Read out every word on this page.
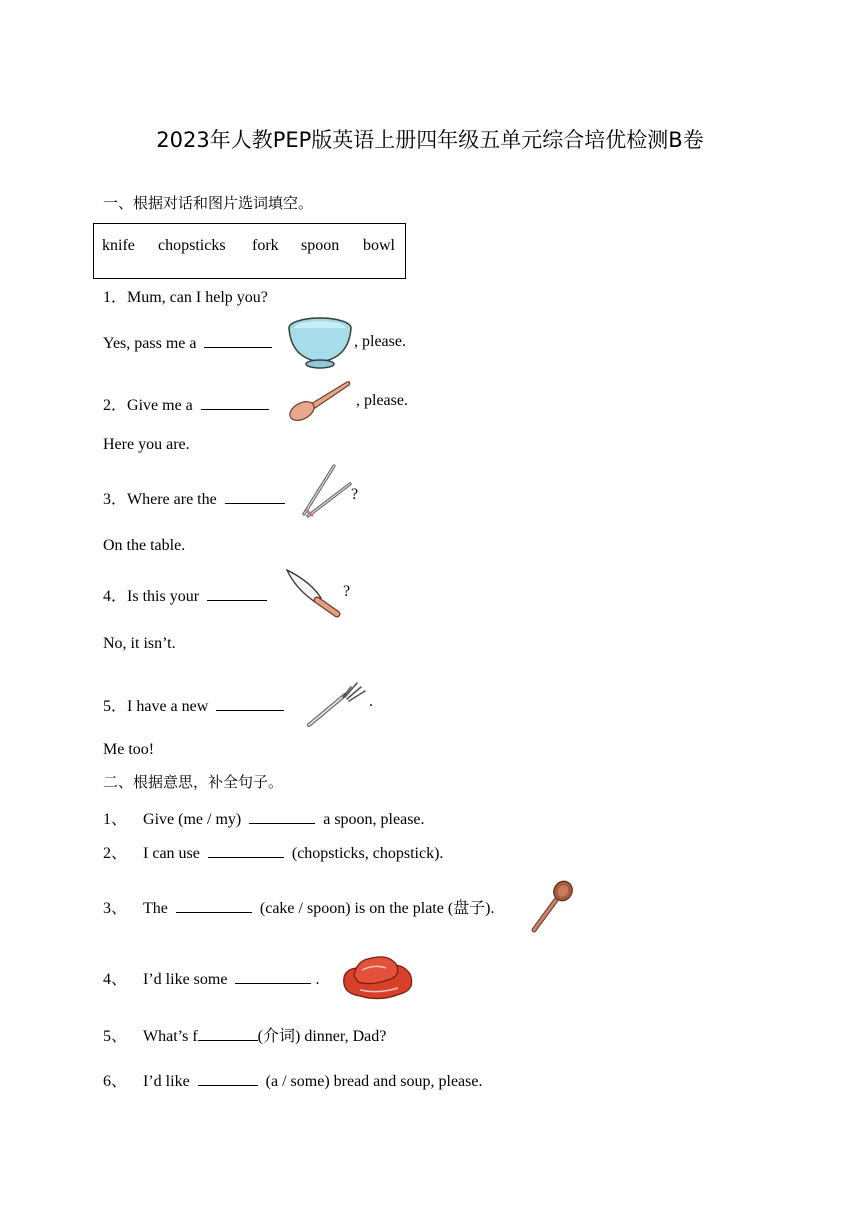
2023年人教PEP版英语上册四年级五单元综合培优检测B卷
一、根据对话和图片选词填空。
knife chopsticks fork spoon bowl
1．Mum, can I help you?
Yes, pass me a	, please.
2．Give me a	, please.
Here you are.
3．Where are the	?
On the table.
4．Is this your	?
No, it isn’t.
5．I have a new	.
Me too!
二、根据意思，补全句子。
1、 Give (me / my)	a spoon, please.
2、 I can use	(chopsticks, chopstick).
3、 The	(cake / spoon) is on the plate (盘子).
4、 I’d like some	.
5、 What’s f	(介词) dinner, Dad?
6、 I’d like	(a / some) bread and soup, please.
